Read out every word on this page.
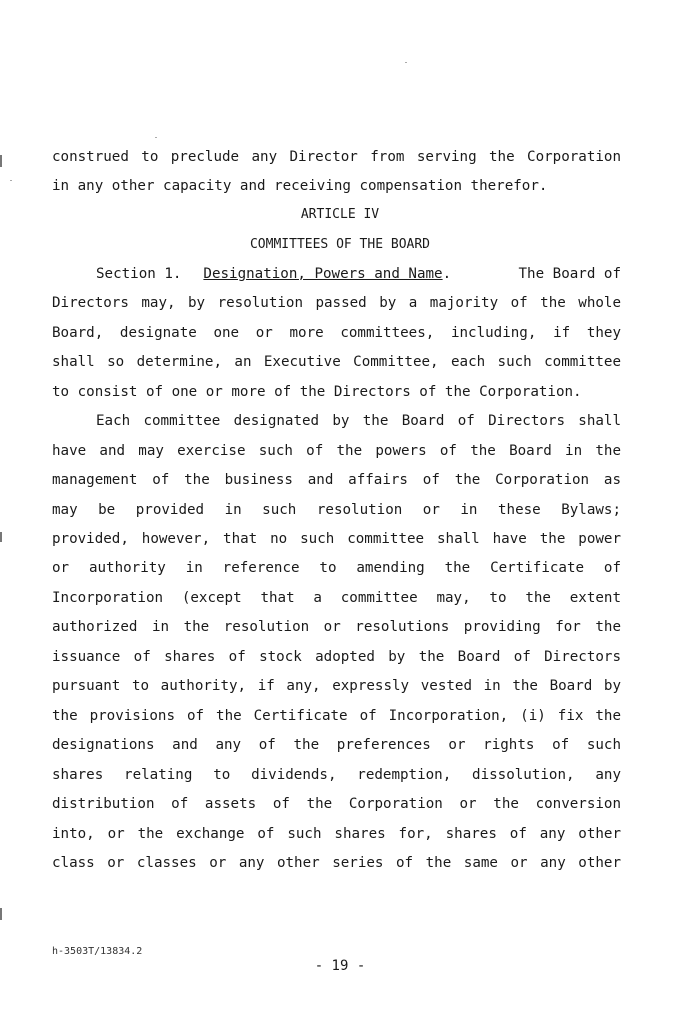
construed to preclude any Director from serving the Corporation
in any other capacity and receiving compensation therefor.
ARTICLE IV
COMMITTEES OF THE BOARD
Section 1. Designation, Powers and Name.	The Board of
Directors may, by resolution passed by a majority of the whole
Board, designate one or more committees, including, if they
shall so determine, an Executive Committee, each such committee
to consist of one or more of the Directors of the Corporation.
Each committee designated by the Board of Directors shall
have and may exercise such of the powers of the Board in the
management of the business and affairs of the Corporation as
may be provided in such resolution or in these Bylaws;
provided, however, that no such committee shall have the power
or authority in reference to amending the Certificate of
Incorporation (except that a committee may, to the extent
authorized in the resolution or resolutions providing for the
issuance of shares of stock adopted by the Board of Directors
pursuant to authority, if any, expressly vested in the Board by
the provisions of the Certificate of Incorporation, (i) fix the
designations and any of the preferences or rights of such
shares relating to dividends, redemption, dissolution, any
distribution of assets of the Corporation or the conversion
into, or the exchange of such shares for, shares of any other
class or classes or any other series of the same or any other
h-3503T/13834.2
- 19 -
